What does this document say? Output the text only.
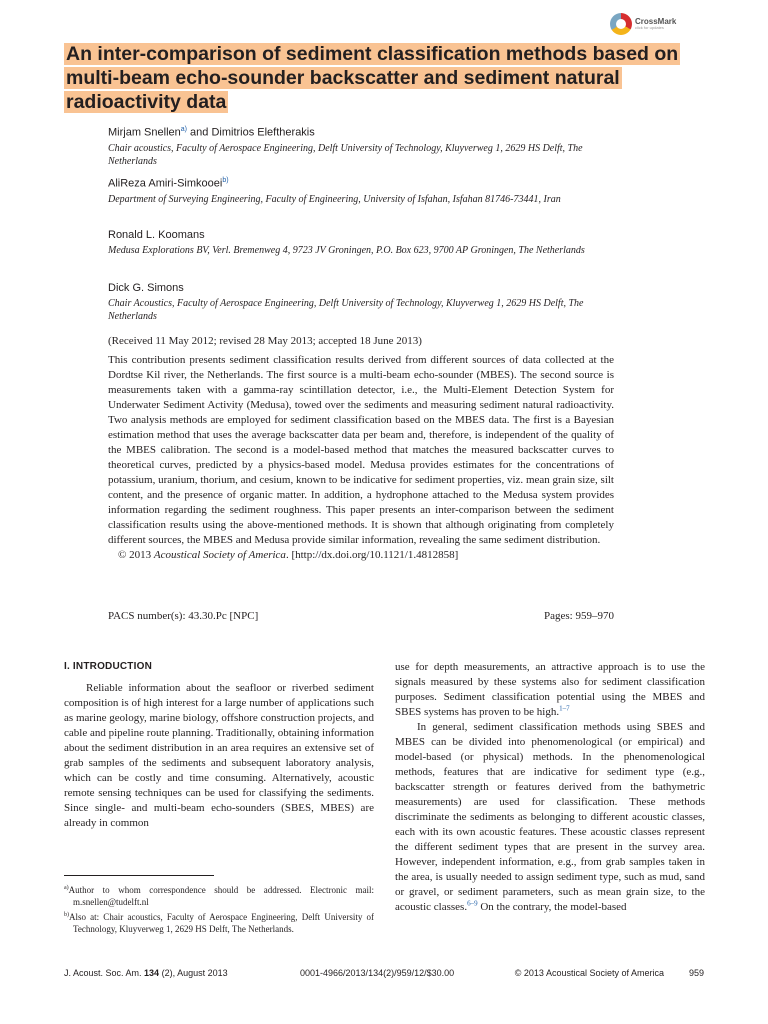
CrossMark
click for updates
An inter-comparison of sediment classification methods based on multi-beam echo-sounder backscatter and sediment natural radioactivity data

Mirjam Snellen$^{a)}$ and Dimitrios Eleftherakis

Chair acoustics, Faculty of Aerospace Engineering, Delft University of Technology, Kluyverweg 1, 2629 HS Delft, The Netherlands

AliReza Amiri-Simkooei$^{b)}$

Department of Surveying Engineering, Faculty of Engineering, University of Isfahan, Isfahan 81746-73441, Iran

Ronald L. Koomans

Medusa Explorations BV, Verl. Bremenweg 4, 9723 JV Groningen, P.O. Box 623, 9700 AP Groningen, The Netherlands

Dick G. Simons

Chair Acoustics, Faculty of Aerospace Engineering, Delft University of Technology, Kluyverweg 1, 2629 HS Delft, The Netherlands

(Received 11 May 2012; revised 28 May 2013; accepted 18 June 2013)

This contribution presents sediment classification results derived from different sources of data collected at the Dordtse Kil river, the Netherlands. The first source is a multi-beam echo-sounder (MBES). The second source is measurements taken with a gamma-ray scintillation detector, i.e., the Multi-Element Detection System for Underwater Sediment Activity (Medusa), towed over the sediments and measuring sediment natural radioactivity. Two analysis methods are employed for sediment classification based on the MBES data. The first is a Bayesian estimation method that uses the average backscatter data per beam and, therefore, is independent of the quality of the MBES calibration. The second is a model-based method that matches the measured backscatter curves to theoretical curves, predicted by a physics-based model. Medusa provides estimates for the concentrations of potassium, uranium, thorium, and cesium, known to be indicative for sediment properties, viz. mean grain size, silt content, and the presence of organic matter. In addition, a hydrophone attached to the Medusa system provides information regarding the sediment roughness. This paper presents an inter-comparison between the sediment classification results using the above-mentioned methods. It is shown that although originating from completely different sources, the MBES and Medusa provide similar information, revealing the same sediment distribution.
© 2013 Acoustical Society of America. [http://dx.doi.org/10.1121/1.4812858]

PACS number(s): 43.30.Pc [NPC]	Pages: 959–970
I. INTRODUCTION

Reliable information about the seafloor or riverbed sediment composition is of high interest for a large number of applications such as marine geology, marine biology, offshore construction projects, and cable and pipeline route planning. Traditionally, obtaining information about the sediment distribution in an area requires an extensive set of grab samples of the sediments and subsequent laboratory analysis, which can be costly and time consuming. Alternatively, acoustic remote sensing techniques can be used for classifying the sediments. Since single- and multi-beam echo-sounders (SBES, MBES) are already in common

use for depth measurements, an attractive approach is to use the signals measured by these systems also for sediment classification purposes. Sediment classification potential using the MBES and SBES systems has proven to be high.$^{1-7}$

In general, sediment classification methods using SBES and MBES can be divided into phenomenological (or empirical) and model-based (or physical) methods. In the phenomenological methods, features that are indicative for sediment type (e.g., backscatter strength or features derived from the bathymetric measurements) are used for classification. These methods discriminate the sediments as belonging to different acoustic classes, each with its own acoustic features. These acoustic classes represent the different sediment types that are present in the survey area. However, independent information, e.g., from grab samples taken in the area, is usually needed to assign sediment type, such as mud, sand or gravel, or sediment parameters, such as mean grain size, to the acoustic classes.$^{6-9}$ On the contrary, the model-based

$^{a)}$Author to whom correspondence should be addressed. Electronic mail: m.snellen@tudelft.nl

$^{b)}$Also at: Chair acoustics, Faculty of Aerospace Engineering, Delft University of Technology, Kluyverweg 1, 2629 HS Delft, The Netherlands.

J. Acoust. Soc. Am. 134 (2), August 2013	0001-4966/2013/134(2)/959/12/$30.00	© 2013 Acoustical Society of America	959
